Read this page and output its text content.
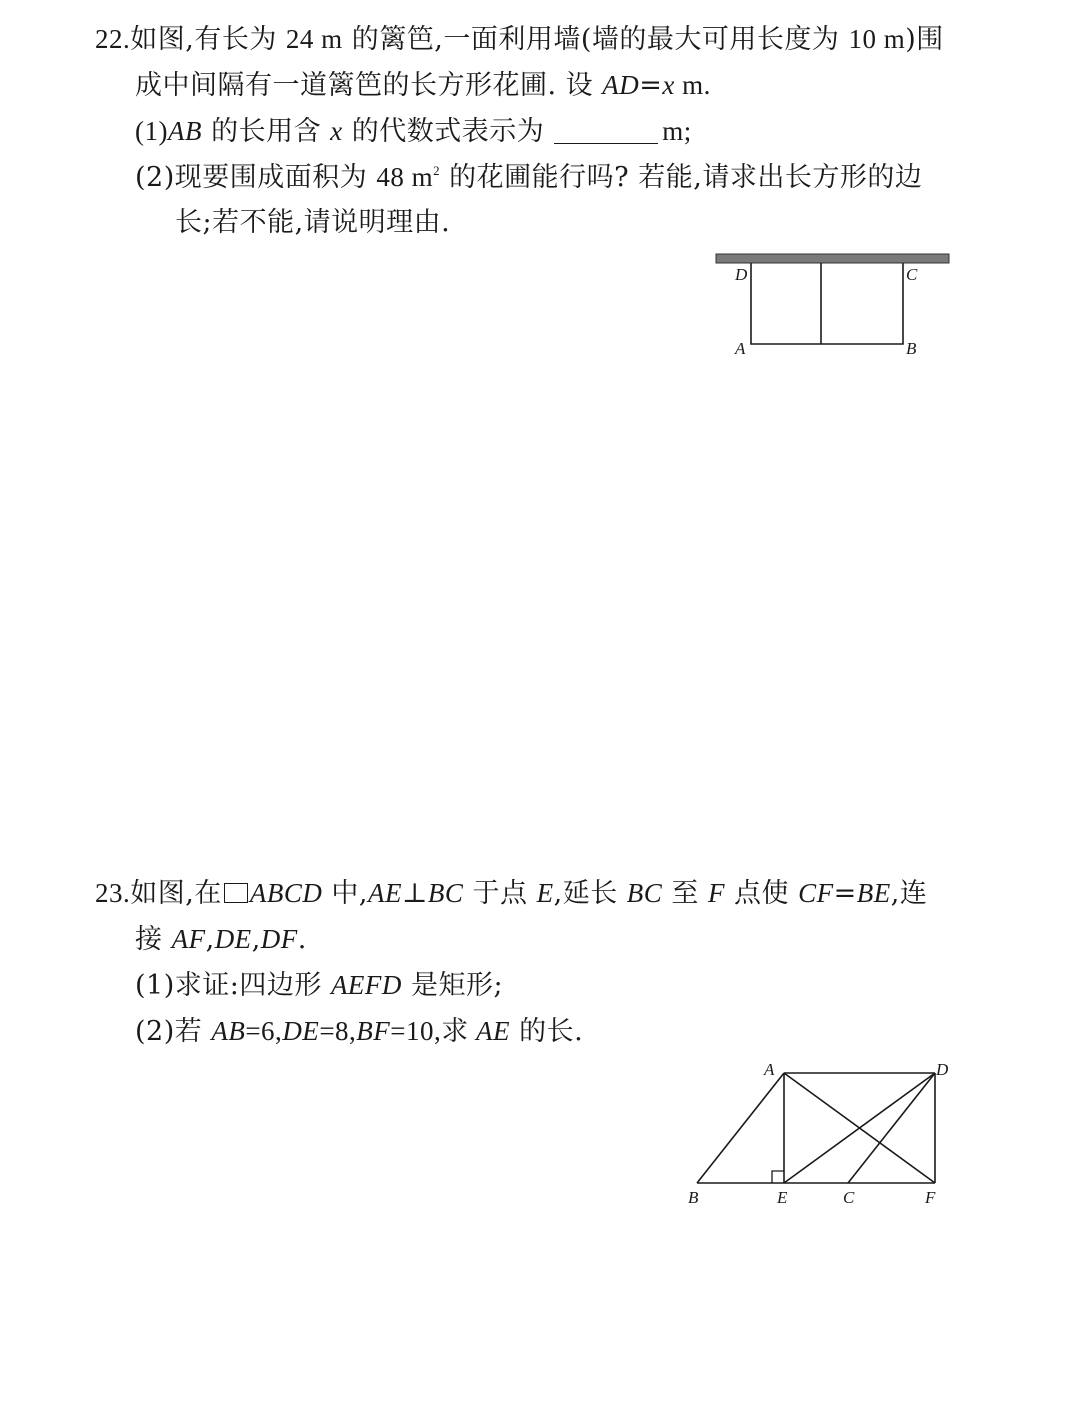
22.如图,有长为 24 m 的篱笆,一面利用墙(墙的最大可用长度为 10 m)围
成中间隔有一道篱笆的长方形花圃. 设 AD=x m.
(1)AB 的长用含 x 的代数式表示为	m;
(2)现要围成面积为 48 $m^2$ 的花圃能行吗? 若能,请求出长方形的边
长;若不能,请说明理由.
D	C
A	B
23.如图,在 ABCD 中,AE⊥BC 于点 E,延长 BC 至 F 点使 CF=BE,连
接 AF,DE,DF.
(1)求证:四边形 AEFD 是矩形;
(2)若 AB=6,DE=8,BF=10,求 AE 的长.
A	D
B	E	C	F
